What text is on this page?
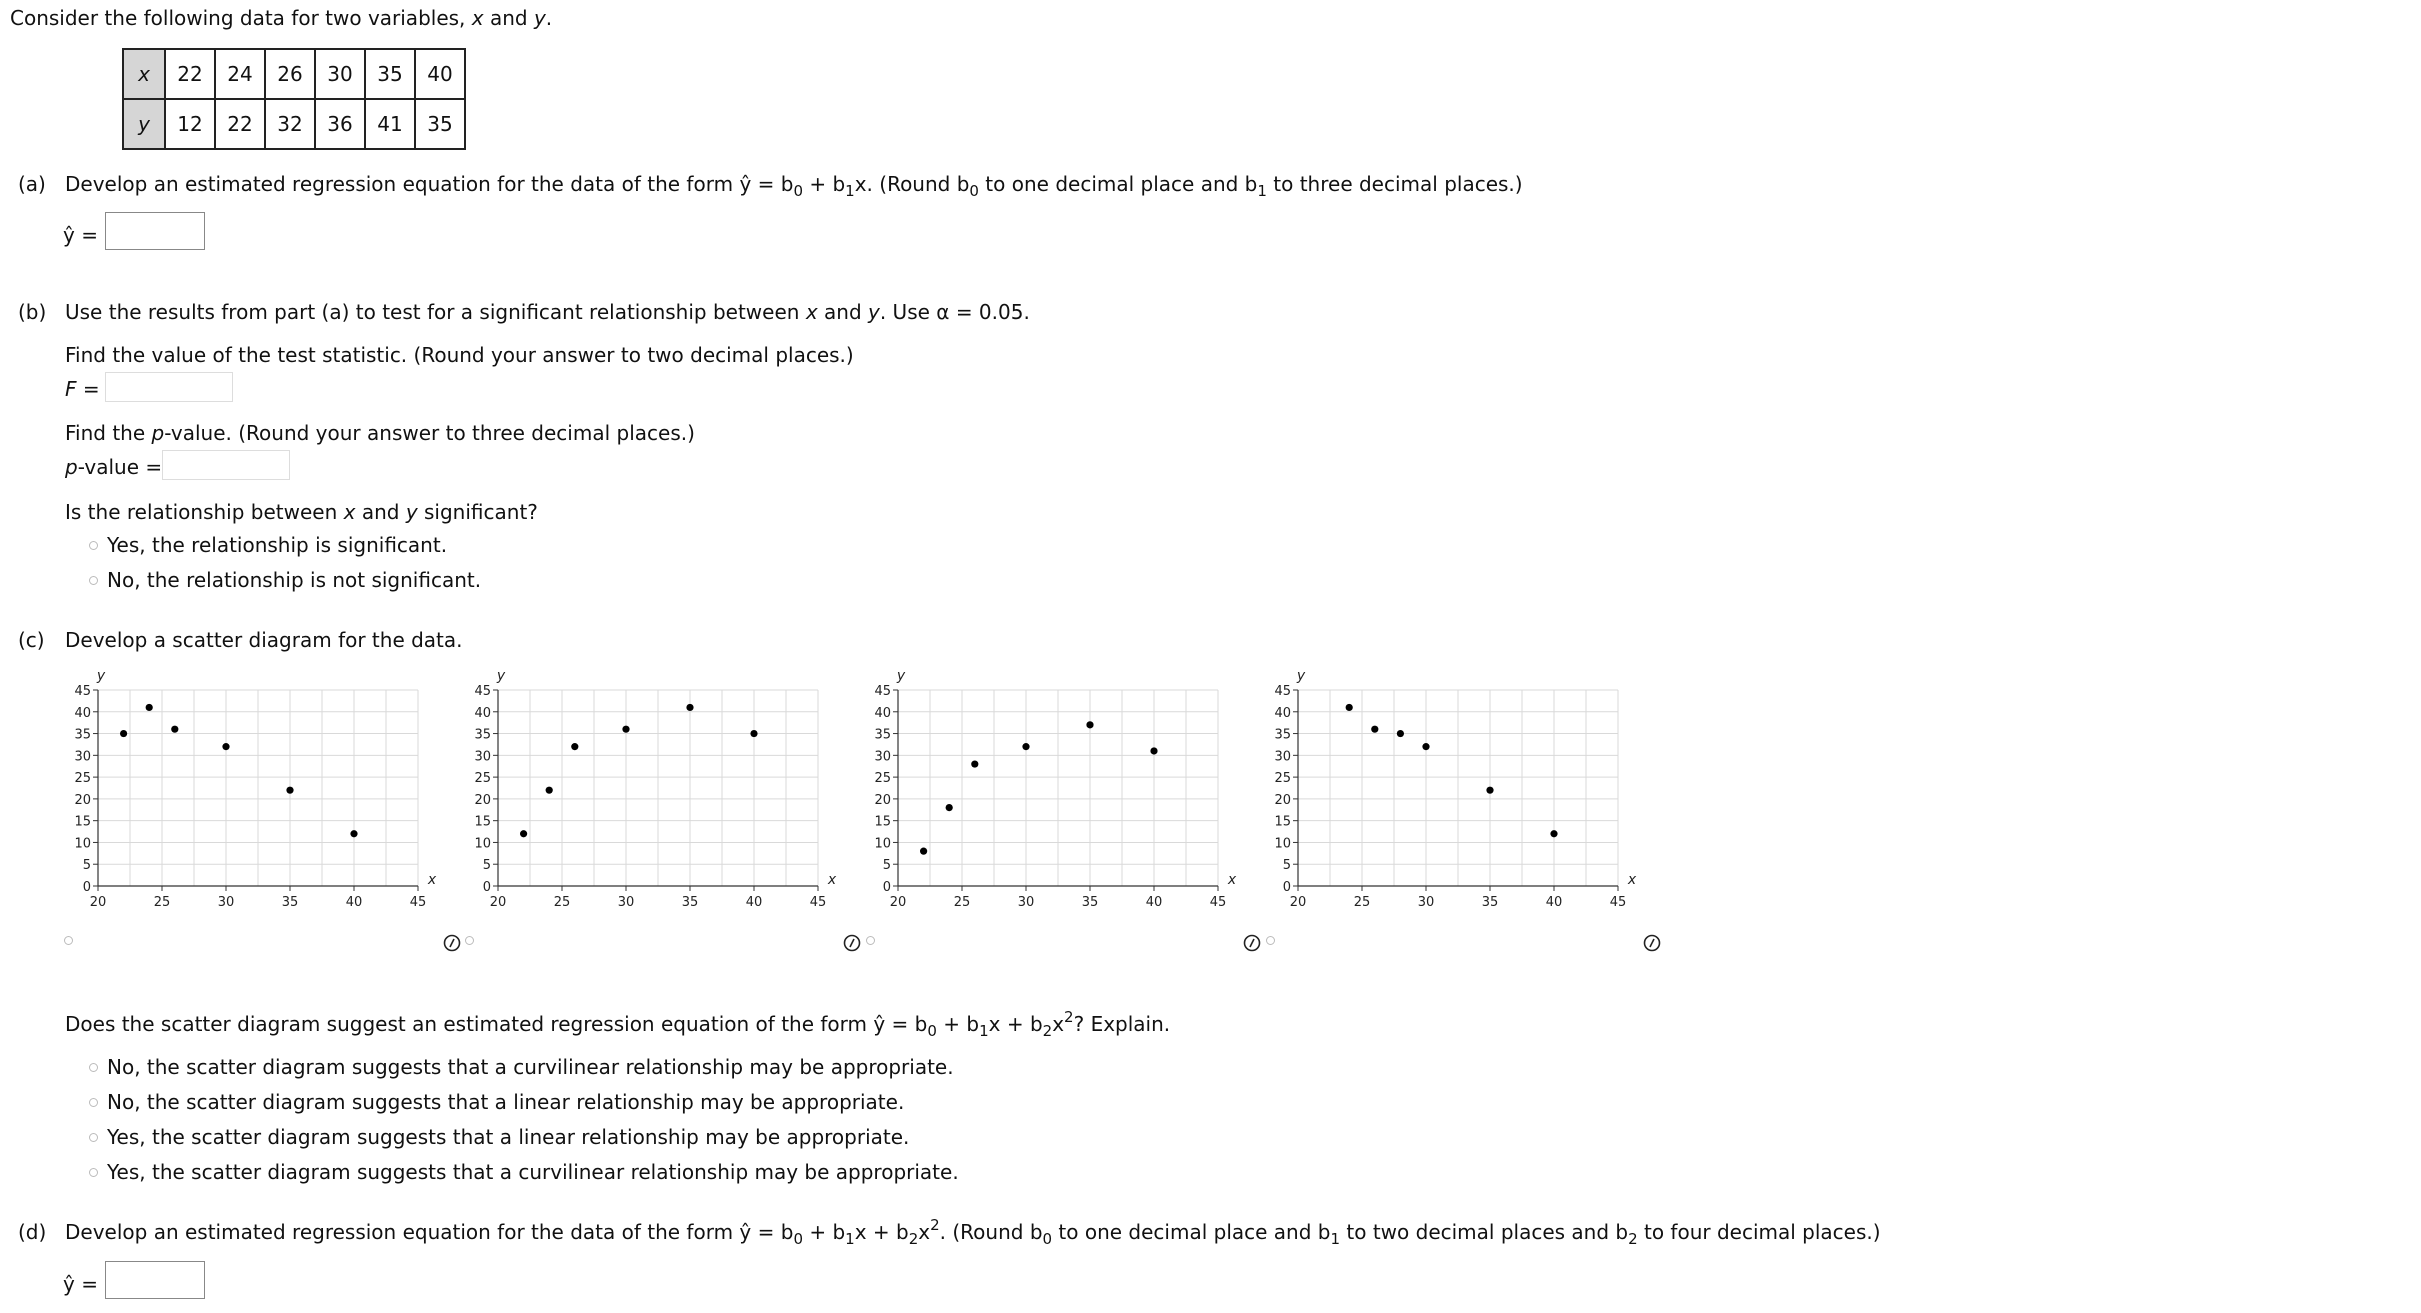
Consider the following data for two variables, x and y.
x	22	24	26	30	35	40
y	12	22	32	36	41	35
(a) Develop an estimated regression equation for the data of the form ŷ = $b_0 + b_1x$. (Round $b_0$ to one decimal place and $b_1$ to three decimal places.)
ŷ =
(b) Use the results from part (a) to test for a significant relationship between x and y. Use α = 0.05.
Find the value of the test statistic. (Round your answer to two decimal places.)
F =
Find the p-value. (Round your answer to three decimal places.)
p-value =
Is the relationship between x and y significant?
Yes, the relationship is significant.
No, the relationship is not significant.
(c) Develop a scatter diagram for the data.
0
5
10
15
20
25
30
35
40
45
20	25	30	35	40	45
y
x	0
5
10
15
20
25
30
35
40
45
20	25	30	35	40	45
y
x	0
5
10
15
20
25
30
35
40
45
20	25	30	35	40	45
y
x	0
5
10
15
20
25
30
35
40
45
20	25	30	35	40	45
y
x
Does the scatter diagram suggest an estimated regression equation of the form ŷ = $b_0 + b_1x + b_2x^2$? Explain.
No, the scatter diagram suggests that a curvilinear relationship may be appropriate.
No, the scatter diagram suggests that a linear relationship may be appropriate.
Yes, the scatter diagram suggests that a linear relationship may be appropriate.
Yes, the scatter diagram suggests that a curvilinear relationship may be appropriate.
(d) Develop an estimated regression equation for the data of the form ŷ = $b_0 + b_1x + b_2x^2$. (Round $b_0$ to one decimal place and $b_1$ to two decimal places and $b_2$ to four decimal places.)
ŷ =
